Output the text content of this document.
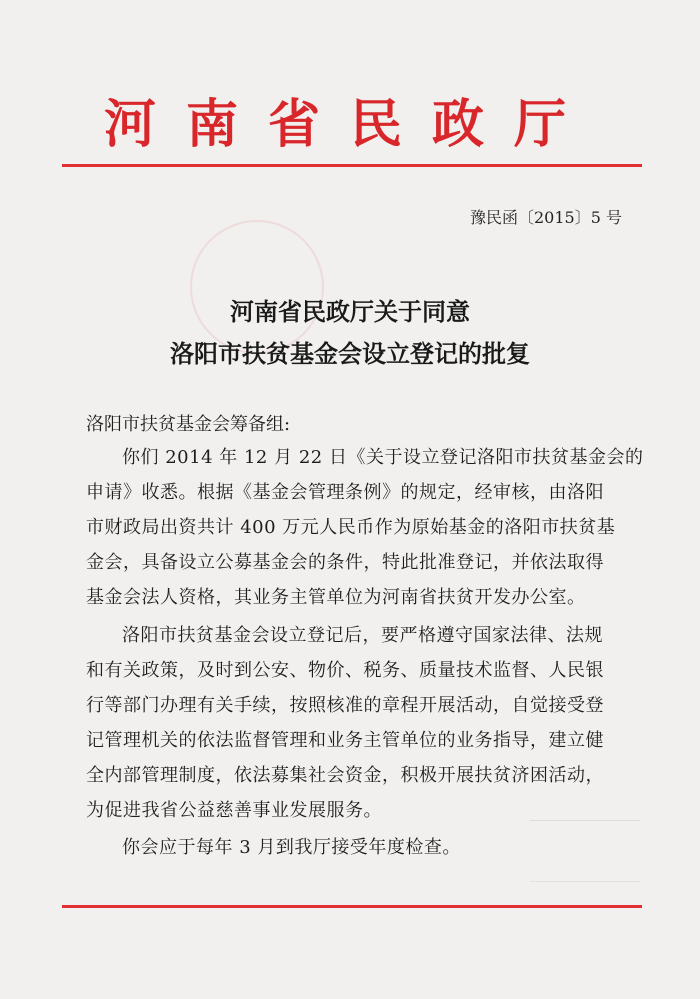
河南省民政厅
豫民函〔2015〕5 号
河南省民政厅关于同意
洛阳市扶贫基金会设立登记的批复
洛阳市扶贫基金会筹备组:
你们 2014 年 12 月 22 日《关于设立登记洛阳市扶贫基金会的
申请》收悉。根据《基金会管理条例》的规定，经审核，由洛阳
市财政局出资共计 400 万元人民币作为原始基金的洛阳市扶贫基
金会，具备设立公募基金会的条件，特此批准登记，并依法取得
基金会法人资格，其业务主管单位为河南省扶贫开发办公室。
洛阳市扶贫基金会设立登记后，要严格遵守国家法律、法规
和有关政策，及时到公安、物价、税务、质量技术监督、人民银
行等部门办理有关手续，按照核准的章程开展活动，自觉接受登
记管理机关的依法监督管理和业务主管单位的业务指导，建立健
全内部管理制度，依法募集社会资金，积极开展扶贫济困活动，
为促进我省公益慈善事业发展服务。
你会应于每年 3 月到我厅接受年度检查。
